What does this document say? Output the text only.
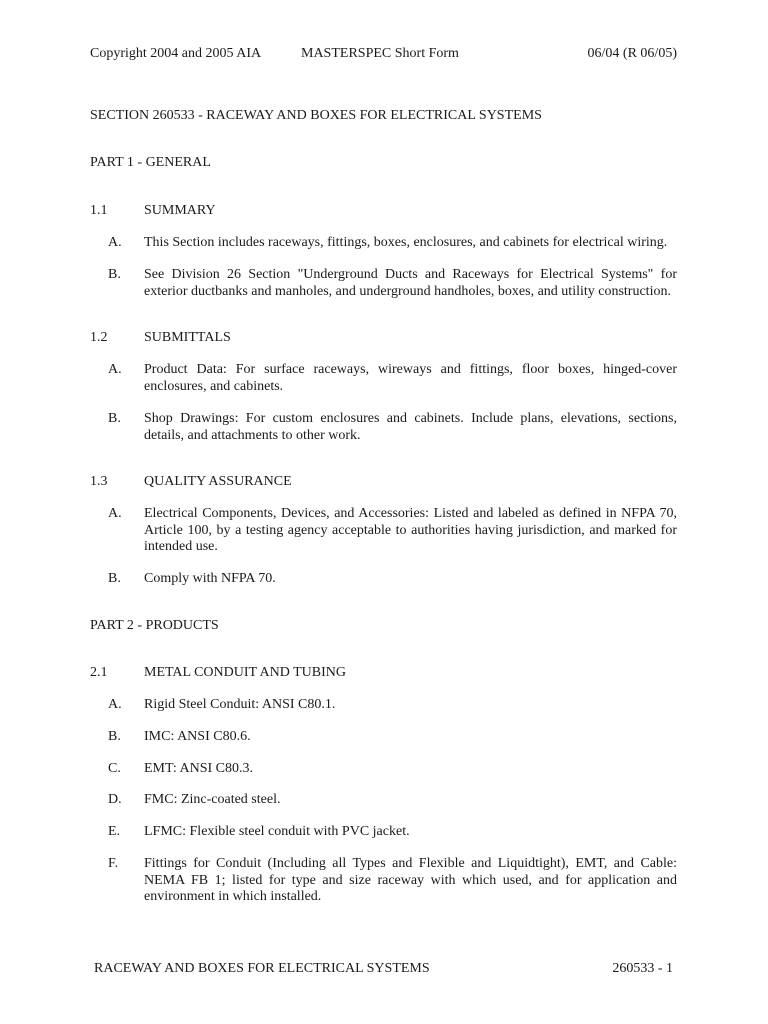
Copyright 2004 and 2005 AIA	MASTERSPEC Short Form	06/04 (R 06/05)
SECTION 260533 - RACEWAY AND BOXES FOR ELECTRICAL SYSTEMS
PART 1 - GENERAL
1.1	SUMMARY
A. This Section includes raceways, fittings, boxes, enclosures, and cabinets for electrical wiring.
B. See Division 26 Section "Underground Ducts and Raceways for Electrical Systems" for exterior ductbanks and manholes, and underground handholes, boxes, and utility construction.
1.2	SUBMITTALS
A. Product Data: For surface raceways, wireways and fittings, floor boxes, hinged-cover enclosures, and cabinets.
B. Shop Drawings: For custom enclosures and cabinets. Include plans, elevations, sections, details, and attachments to other work.
1.3	QUALITY ASSURANCE
A. Electrical Components, Devices, and Accessories: Listed and labeled as defined in NFPA 70, Article 100, by a testing agency acceptable to authorities having jurisdiction, and marked for intended use.
B. Comply with NFPA 70.
PART 2 - PRODUCTS
2.1	METAL CONDUIT AND TUBING
A. Rigid Steel Conduit: ANSI C80.1.
B. IMC: ANSI C80.6.
C. EMT: ANSI C80.3.
D. FMC: Zinc-coated steel.
E. LFMC: Flexible steel conduit with PVC jacket.
F. Fittings for Conduit (Including all Types and Flexible and Liquidtight), EMT, and Cable: NEMA FB 1; listed for type and size raceway with which used, and for application and environment in which installed.
RACEWAY AND BOXES FOR ELECTRICAL SYSTEMS	260533 - 1
